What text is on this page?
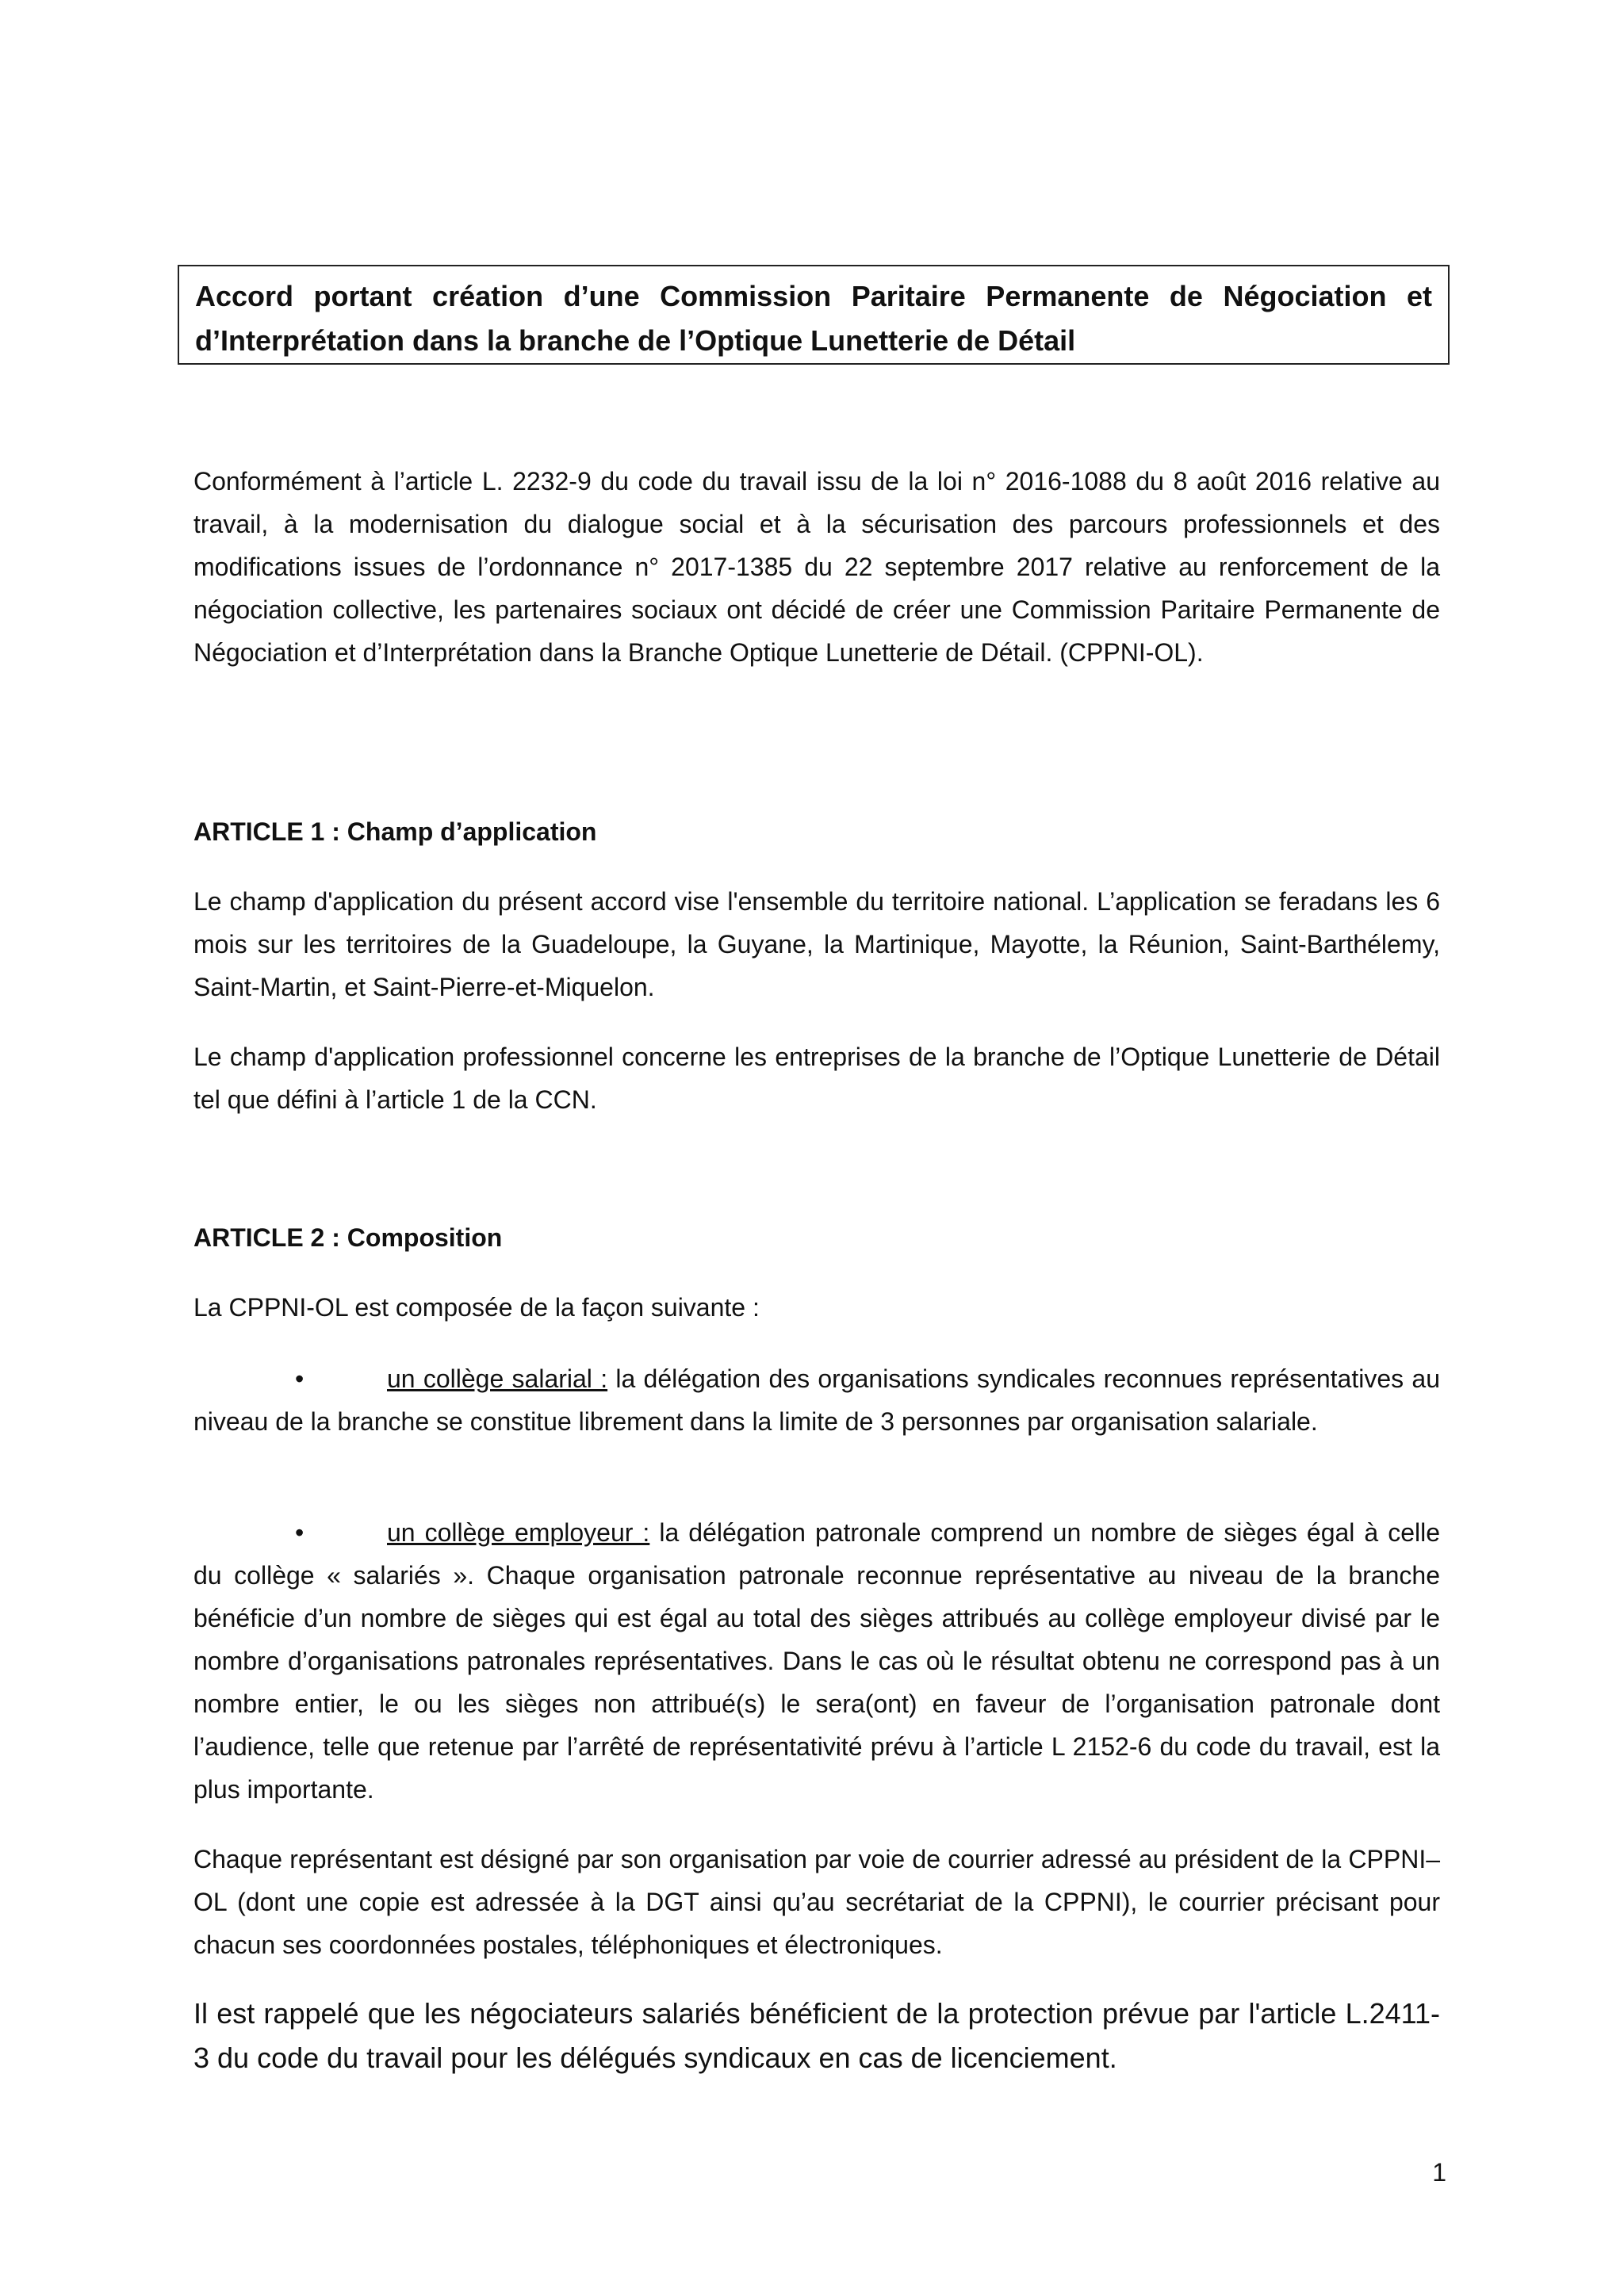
Accord portant création d’une Commission Paritaire Permanente de Négociation et d’Interprétation dans la branche de l’Optique Lunetterie de Détail

Conformément à l’article L. 2232-9 du code du travail issu de la loi n° 2016-1088 du 8 août 2016 relative au travail, à la modernisation du dialogue social et à la sécurisation des parcours professionnels et des modifications issues de l’ordonnance n° 2017-1385 du 22 septembre 2017 relative au renforcement de la négociation collective, les partenaires sociaux ont décidé de créer une Commission Paritaire Permanente de Négociation et d’Interprétation dans la Branche Optique Lunetterie de Détail. (CPPNI-OL).

ARTICLE 1 : Champ d’application

Le champ d'application du présent accord vise l'ensemble du territoire national. L’application se feradans les 6 mois sur les territoires de la Guadeloupe, la Guyane, la Martinique, Mayotte, la Réunion, Saint-Barthélemy, Saint-Martin, et Saint-Pierre-et-Miquelon.

Le champ d'application professionnel concerne les entreprises de la branche de l’Optique Lunetterie de Détail tel que défini à l’article 1 de la CCN.

ARTICLE 2 : Composition

La CPPNI-OL est composée de la façon suivante :

•	un collège salarial : la délégation des organisations syndicales reconnues représentatives au niveau de la branche se constitue librement dans la limite de 3 personnes par organisation salariale.

•	un collège employeur : la délégation patronale comprend un nombre de sièges égal à celle du collège « salariés ». Chaque organisation patronale reconnue représentative au niveau de la branche bénéficie d’un nombre de sièges qui est égal au total des sièges attribués au collège employeur divisé par le nombre d’organisations patronales représentatives. Dans le cas où le résultat obtenu ne correspond pas à un nombre entier, le ou les sièges non attribué(s) le sera(ont) en faveur de l’organisation patronale dont l’audience, telle que retenue par l’arrêté de représentativité prévu à l’article L 2152-6 du code du travail, est la plus importante.

Chaque représentant est désigné par son organisation par voie de courrier adressé au président de la CPPNI–OL (dont une copie est adressée à la DGT ainsi qu’au secrétariat de la CPPNI), le courrier précisant pour chacun ses coordonnées postales, téléphoniques et électroniques.

Il est rappelé que les négociateurs salariés bénéficient de la protection prévue par l'article L.2411-3 du code du travail pour les délégués syndicaux en cas de licenciement.

1
